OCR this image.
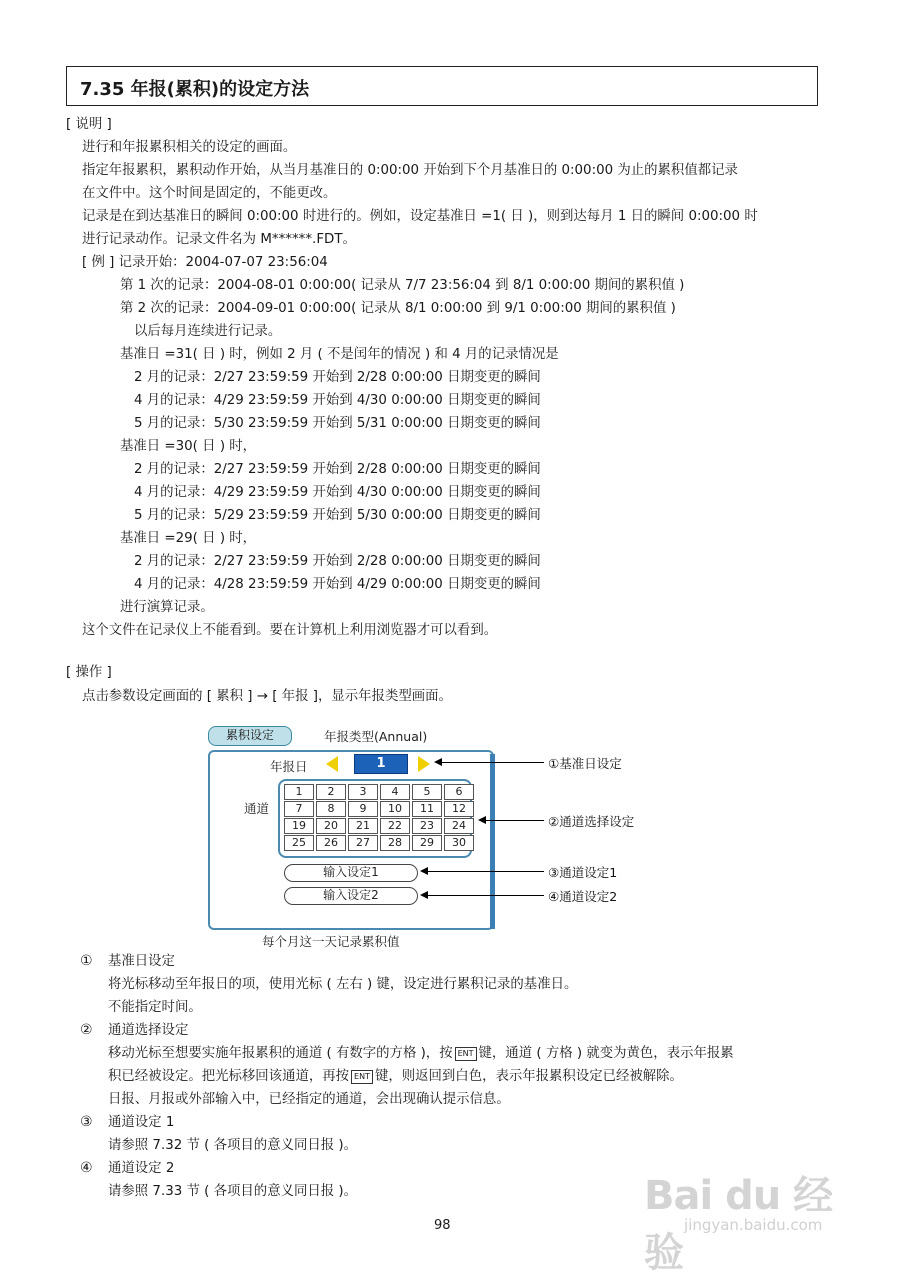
7.35 年报(累积)的设定方法
[ 说明 ]
进行和年报累积相关的设定的画面。
指定年报累积，累积动作开始，从当月基准日的 0:00:00 开始到下个月基准日的 0:00:00 为止的累积值都记录
在文件中。这个时间是固定的，不能更改。
记录是在到达基准日的瞬间 0:00:00 时进行的。例如，设定基准日 =1( 日 )，则到达每月 1 日的瞬间 0:00:00 时
进行记录动作。记录文件名为 M******.FDT。
[ 例 ] 记录开始：2004-07-07 23:56:04
第 1 次的记录：2004-08-01 0:00:00( 记录从 7/7 23:56:04 到 8/1 0:00:00 期间的累积值 )
第 2 次的记录：2004-09-01 0:00:00( 记录从 8/1 0:00:00 到 9/1 0:00:00 期间的累积值 )
以后每月连续进行记录。
基准日 =31( 日 ) 时，例如 2 月 ( 不是闰年的情况 ) 和 4 月的记录情况是
2 月的记录：2/27 23:59:59 开始到 2/28 0:00:00 日期变更的瞬间
4 月的记录：4/29 23:59:59 开始到 4/30 0:00:00 日期变更的瞬间
5 月的记录：5/30 23:59:59 开始到 5/31 0:00:00 日期变更的瞬间
基准日 =30( 日 ) 时，
2 月的记录：2/27 23:59:59 开始到 2/28 0:00:00 日期变更的瞬间
4 月的记录：4/29 23:59:59 开始到 4/30 0:00:00 日期变更的瞬间
5 月的记录：5/29 23:59:59 开始到 5/30 0:00:00 日期变更的瞬间
基准日 =29( 日 ) 时，
2 月的记录：2/27 23:59:59 开始到 2/28 0:00:00 日期变更的瞬间
4 月的记录：4/28 23:59:59 开始到 4/29 0:00:00 日期变更的瞬间
进行演算记录。
这个文件在记录仪上不能看到。要在计算机上利用浏览器才可以看到。
[ 操作 ]
点击参数设定画面的 [ 累积 ] → [ 年报 ]，显示年报类型画面。
累积设定	年报类型(Annual)
年报日	1
通道
1	2	3	4	5	6
7	8	9	10	11	12
19	20	21	22	23	24
25	26	27	28	29	30
输入设定1
输入设定2
每个月这一天记录累积值
①基准日设定
②通道选择设定
③通道设定1
④通道设定2
① 基准日设定
将光标移动至年报日的项，使用光标 ( 左右 ) 键，设定进行累积记录的基准日。
不能指定时间。
② 通道选择设定
移动光标至想要实施年报累积的通道 ( 有数字的方格 )，按 ENT 键，通道 ( 方格 ) 就变为黄色，表示年报累
积已经被设定。把光标移回该通道，再按 ENT 键，则返回到白色，表示年报累积设定已经被解除。
日报、月报或外部输入中，已经指定的通道，会出现确认提示信息。
③ 通道设定 1
请参照 7.32 节 ( 各项目的意义同日报 )。
④ 通道设定 2
请参照 7.33 节 ( 各项目的意义同日报 )。
98
Bai du 经验
jingyan.baidu.com
